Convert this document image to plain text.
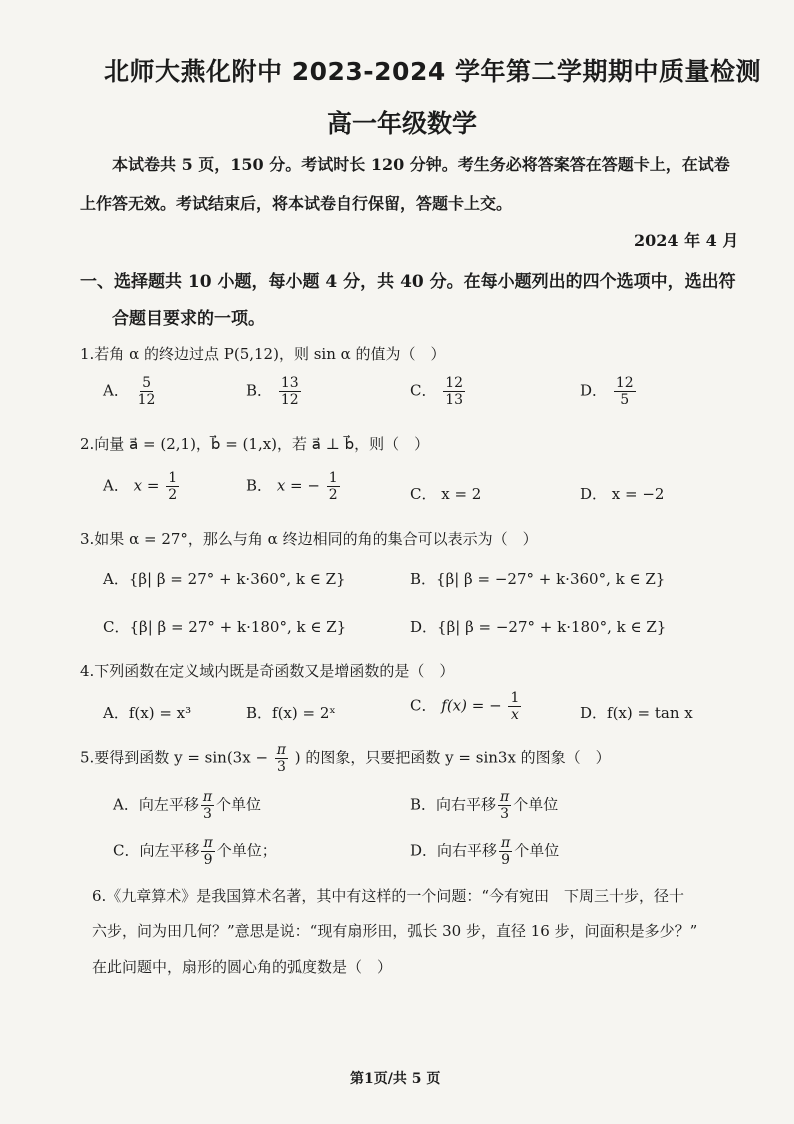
北师大燕化附中 2023-2024 学年第二学期期中质量检测
高一年级数学
本试卷共 5 页，150 分。考试时长 120 分钟。考生务必将答案答在答题卡上，在试卷
上作答无效。考试结束后，将本试卷自行保留，答题卡上交。
2024 年 4 月
一、选择题共 10 小题，每小题 4 分，共 40 分。在每小题列出的四个选项中，选出符
合题目要求的一项。
1.若角 α 的终边过点 P(5,12)，则 sin α 的值为（　）
A． $\frac{5}{12}$	B． $\frac{13}{12}$	C． $\frac{12}{13}$	D． $\frac{12}{5}$
2.向量 a⃗ = (2,1)，b⃗ = (1,x)，若 a⃗ ⊥ b⃗，则（　）
A． $x = \frac{1}{2}$	B． x = − $\frac{1}{2}$	C． x = 2	D． x = −2
3.如果 α = 27°，那么与角 α 终边相同的角的集合可以表示为（　）
A．{β| β = 27° + k·360°, k ∈ Z}	B．{β| β = −27° + k·360°, k ∈ Z}
C．{β| β = 27° + k·180°, k ∈ Z}	D．{β| β = −27° + k·180°, k ∈ Z}
4.下列函数在定义域内既是奇函数又是增函数的是（　）
A．f(x) = x³	B．f(x) = 2ˣ	C． f(x) = − $\frac{1}{x}$	D．f(x) = tan x
5.要得到函数 $y = \sin(3x - \frac{\pi}{3}$ ) 的图象，只要把函数 y = sin3x 的图象（　）
A．向左平移 $\frac{\pi}{3}$ 个单位	B．向右平移 $\frac{\pi}{3}$ 个单位
C．向左平移 $\frac{\pi}{9}$ 个单位；	D．向右平移 $\frac{\pi}{9}$ 个单位
6.《九章算术》是我国算术名著，其中有这样的一个问题：“今有宛田　下周三十步，径十
六步，问为田几何？”意思是说：“现有扇形田，弧长 30 步，直径 16 步，问面积是多少？”
在此问题中，扇形的圆心角的弧度数是（　）
第1页/共 5 页
